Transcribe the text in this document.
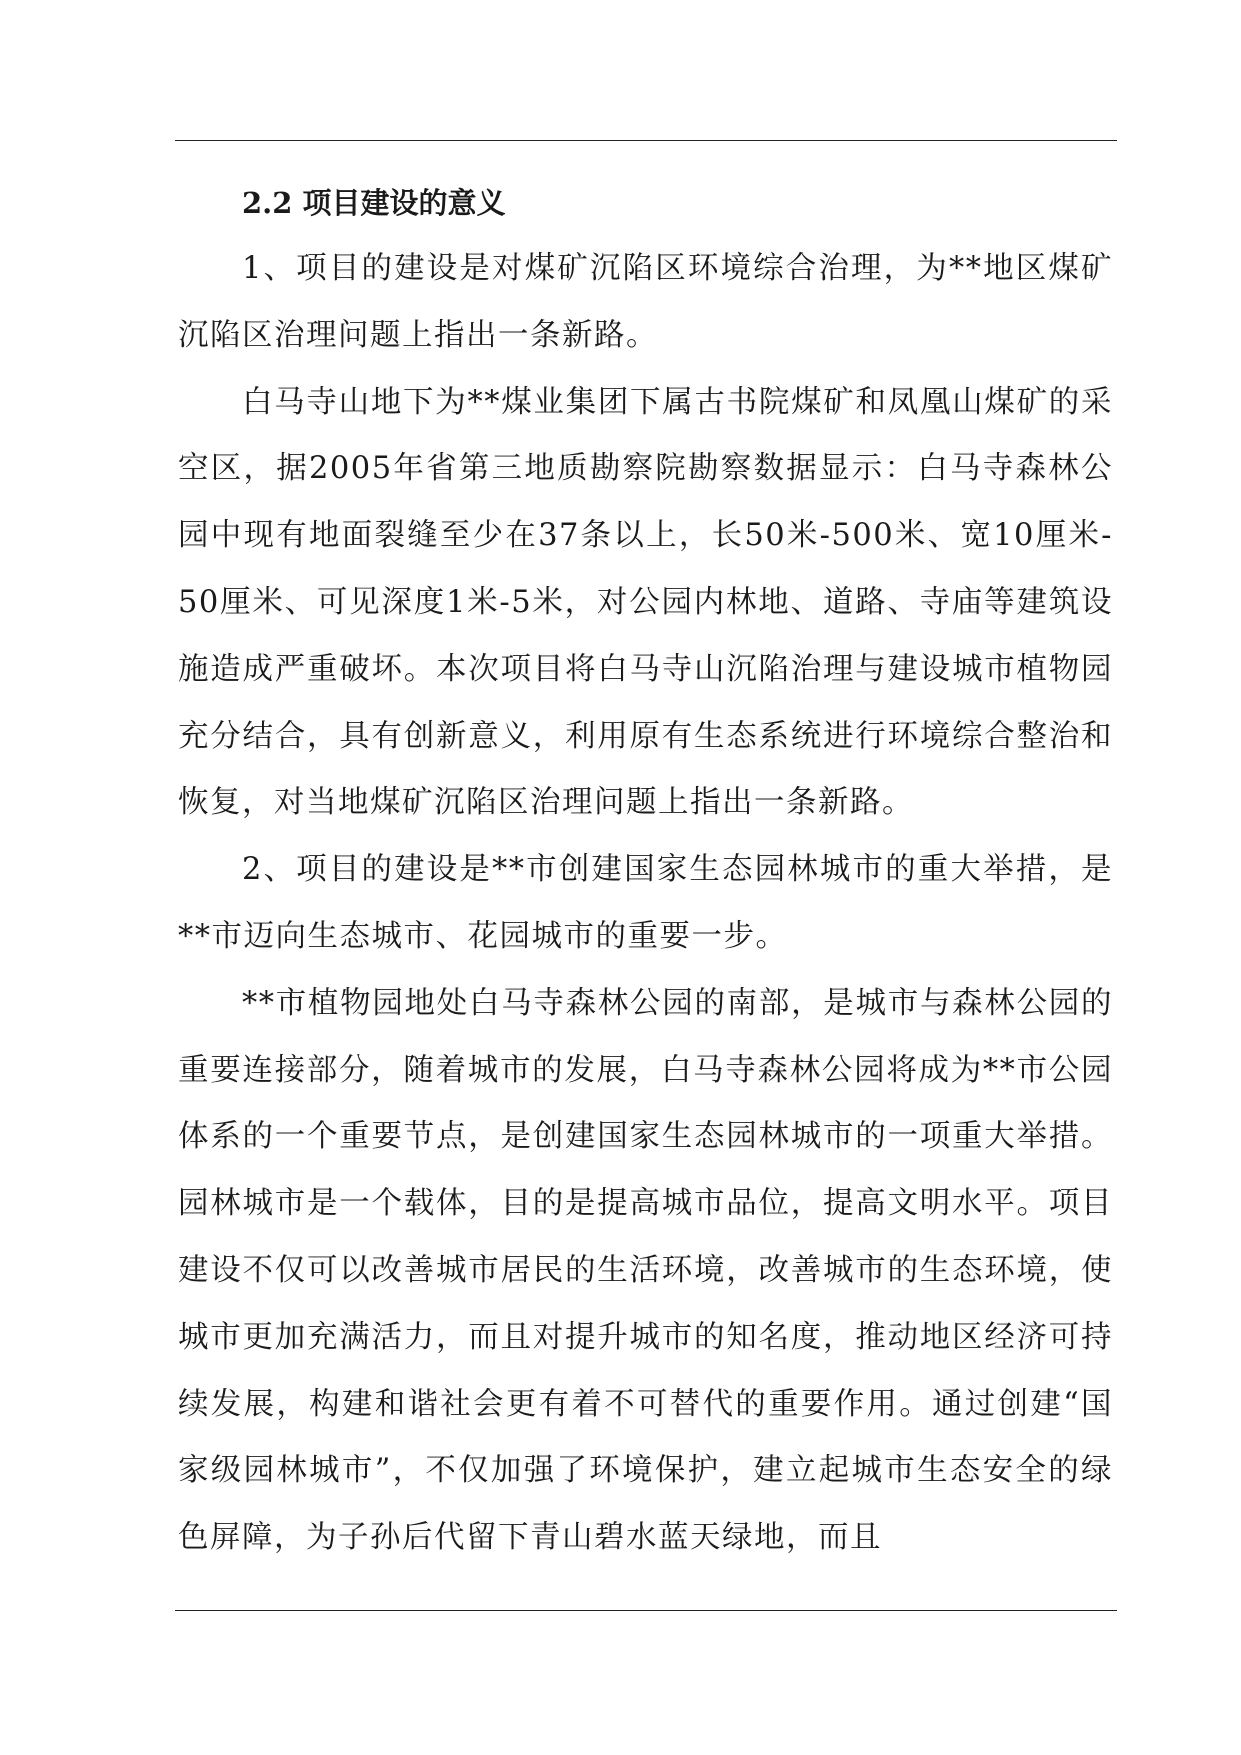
2.2 项目建设的意义

1、项目的建设是对煤矿沉陷区环境综合治理，为**地区煤矿沉陷区治理问题上指出一条新路。

白马寺山地下为**煤业集团下属古书院煤矿和凤凰山煤矿的采空区，据2005年省第三地质勘察院勘察数据显示：白马寺森林公园中现有地面裂缝至少在37条以上，长50米-500米、宽10厘米-50厘米、可见深度1米-5米，对公园内林地、道路、寺庙等建筑设施造成严重破坏。本次项目将白马寺山沉陷治理与建设城市植物园充分结合，具有创新意义，利用原有生态系统进行环境综合整治和恢复，对当地煤矿沉陷区治理问题上指出一条新路。

2、项目的建设是**市创建国家生态园林城市的重大举措，是**市迈向生态城市、花园城市的重要一步。

**市植物园地处白马寺森林公园的南部，是城市与森林公园的重要连接部分，随着城市的发展，白马寺森林公园将成为**市公园体系的一个重要节点，是创建国家生态园林城市的一项重大举措。园林城市是一个载体，目的是提高城市品位，提高文明水平。项目建设不仅可以改善城市居民的生活环境，改善城市的生态环境，使城市更加充满活力，而且对提升城市的知名度，推动地区经济可持续发展，构建和谐社会更有着不可替代的重要作用。通过创建“国家级园林城市”，不仅加强了环境保护，建立起城市生态安全的绿色屏障，为子孙后代留下青山碧水蓝天绿地，而且
